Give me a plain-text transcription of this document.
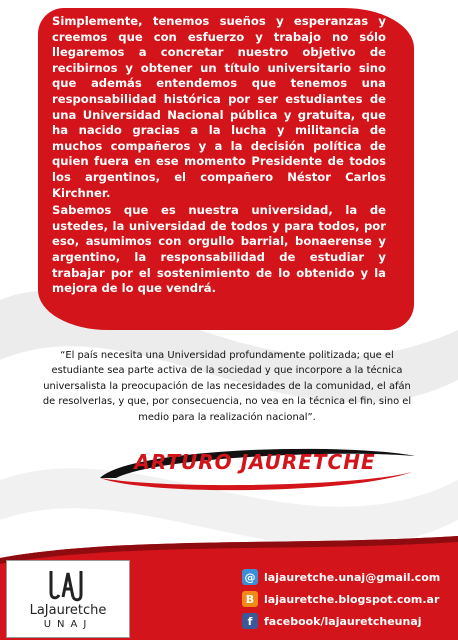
Simplemente, tenemos sueños y esperanzas y creemos que con esfuerzo y trabajo no sólo llegaremos a concretar nuestro objetivo de recibirnos y obtener un título universitario sino que además entendemos que tenemos una responsabilidad histórica por ser estudiantes de una Universidad Nacional pública y gratuita, que ha nacido gracias a la lucha y militancia de muchos compañeros y a la decisión política de quien fuera en ese momento Presidente de todos los argentinos, el compañero Néstor Carlos Kirchner.

Sabemos que es nuestra universidad, la de ustedes, la universidad de todos y para todos, por eso, asumimos con orgullo barrial, bonaerense y argentino, la responsabilidad de estudiar y trabajar por el sostenimiento de lo obtenido y la mejora de lo que vendrá.

“El país necesita una Universidad profundamente politizada; que el estudiante sea parte activa de la sociedad y que incorpore a la técnica universalista la preocupación de las necesidades de la comunidad, el afán de resolverlas, y que, por consecuencia, no vea en la técnica el fin, sino el medio para la realización nacional”.
ARTURO JAURETCHE
LaJauretche
UNAJ
@ lajauretche.unaj@gmail.com
B lajauretche.blogspot.com.ar
f	facebook/lajauretcheunaj
